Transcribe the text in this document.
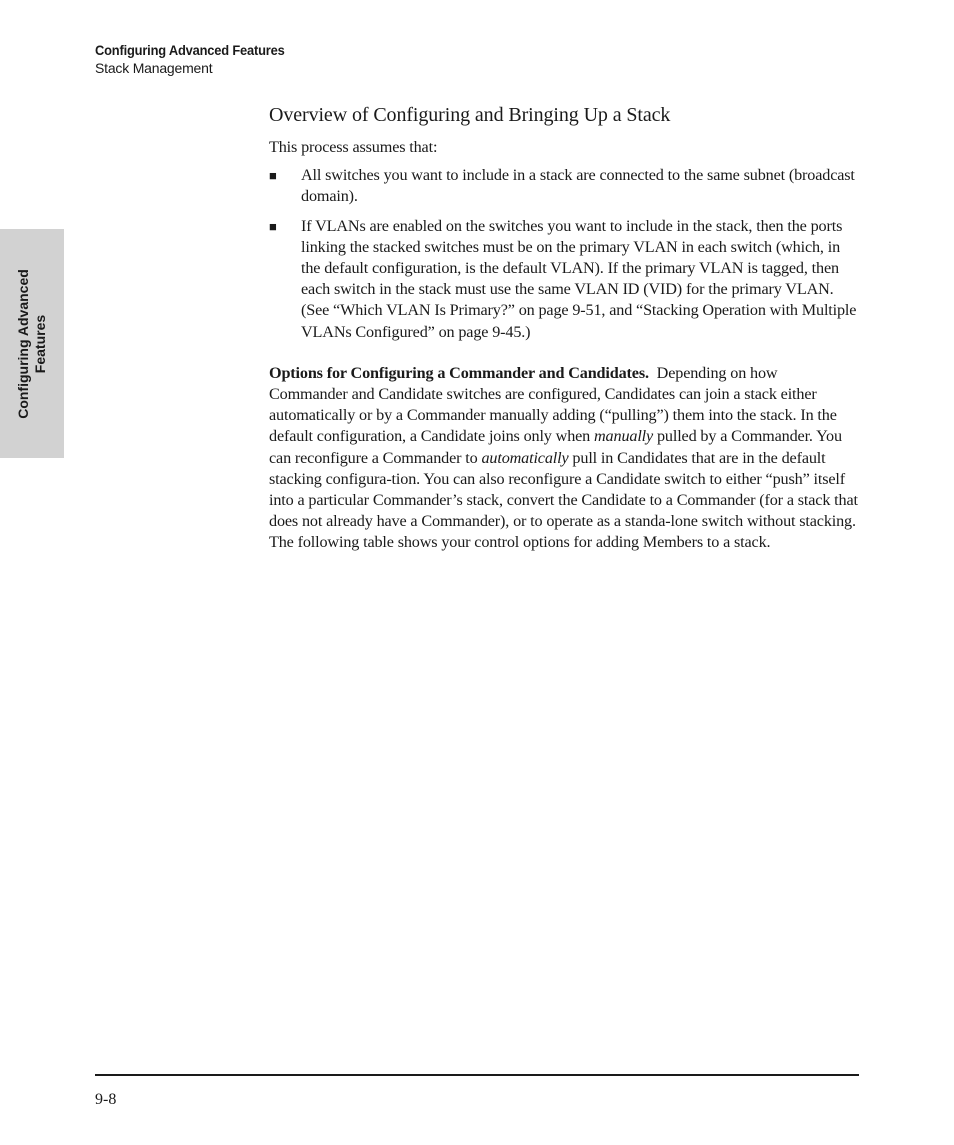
Configuring Advanced Features
Stack Management
Configuring Advanced Features
Overview of Configuring and Bringing Up a Stack

This process assumes that:

■ All switches you want to include in a stack are connected to the same subnet (broadcast domain).
■ If VLANs are enabled on the switches you want to include in the stack, then the ports linking the stacked switches must be on the primary VLAN in each switch (which, in the default configuration, is the default VLAN). If the primary VLAN is tagged, then each switch in the stack must use the same VLAN ID (VID) for the primary VLAN. (See “Which VLAN Is Primary?” on page 9-51, and “Stacking Operation with Multiple VLANs Configured” on page 9-45.)

Options for Configuring a Commander and Candidates. Depending on how Commander and Candidate switches are configured, Candidates can join a stack either automatically or by a Commander manually adding (“pulling”) them into the stack. In the default configuration, a Candidate joins only when manually pulled by a Commander. You can reconfigure a Commander to automatically pull in Candidates that are in the default stacking configura-tion. You can also reconfigure a Candidate switch to either “push” itself into a particular Commander’s stack, convert the Candidate to a Commander (for a stack that does not already have a Commander), or to operate as a standa-lone switch without stacking. The following table shows your control options for adding Members to a stack.

9-8
